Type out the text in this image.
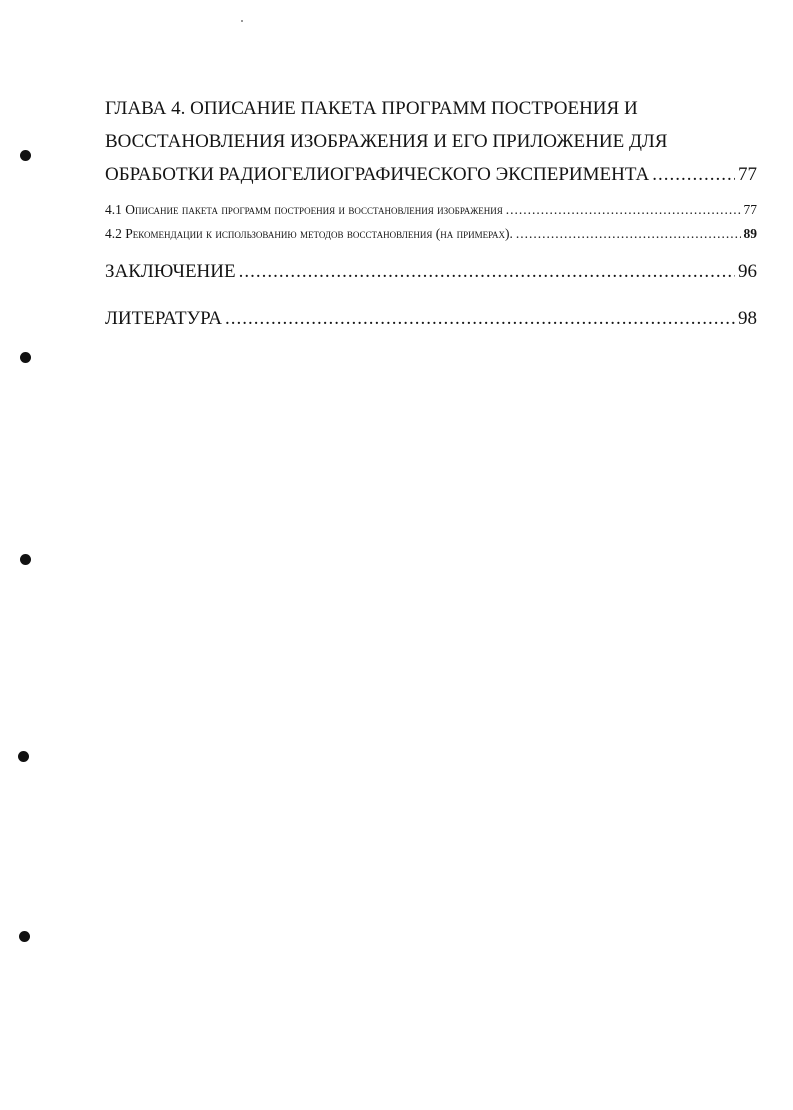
ГЛАВА 4. ОПИСАНИЕ ПАКЕТА ПРОГРАММ ПОСТРОЕНИЯ И
ВОССТАНОВЛЕНИЯ ИЗОБРАЖЕНИЯ И ЕГО ПРИЛОЖЕНИЕ ДЛЯ
ОБРАБОТКИ РАДИОГЕЛИОГРАФИЧЕСКОГО ЭКСПЕРИМЕНТА .....	77
4.1 Описание пакета программ построения и восстановления изображения .....	77
4.2 Рекомендации к использованию методов восстановления (на примерах). .....	89
ЗАКЛЮЧЕНИЕ .....	96
ЛИТЕРАТУРА .....	98
